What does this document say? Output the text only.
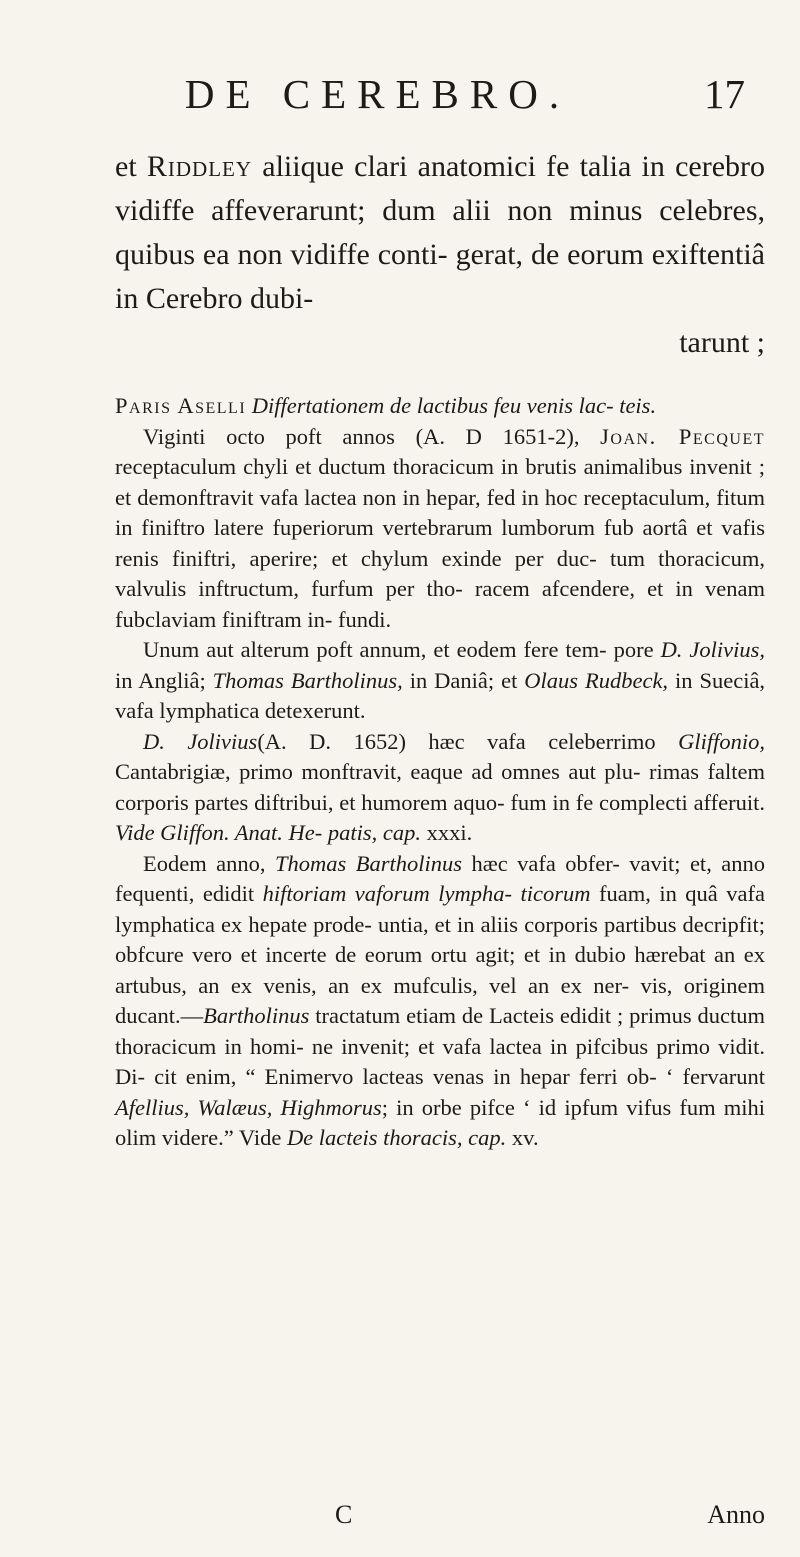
DE CEREBRO.	17

et Riddley aliique clari anatomici fe talia in cerebro vidiffe affeverarunt; dum alii non minus celebres, quibus ea non vidiffe conti- gerat, de eorum exiftentiâ in Cerebro dubi-

tarunt ;

Paris Aselli Differtationem de lactibus feu venis lac- teis.

Viginti octo poft annos (A. D 1651-2), Joan. Pecquet receptaculum chyli et ductum thoracicum in brutis animalibus invenit ; et demonftravit vafa lactea non in hepar, fed in hoc receptaculum, fitum in finiftro latere fuperiorum vertebrarum lumborum fub aortâ et vafis renis finiftri, aperire; et chylum exinde per duc- tum thoracicum, valvulis inftructum, furfum per tho- racem afcendere, et in venam fubclaviam finiftram in- fundi.

Unum aut alterum poft annum, et eodem fere tem- pore D. Jolivius, in Angliâ; Thomas Bartholinus, in Daniâ; et Olaus Rudbeck, in Sueciâ, vafa lymphatica detexerunt.

D. Jolivius(A. D. 1652) hæc vafa celeberrimo Gliffonio, Cantabrigiæ, primo monftravit, eaque ad omnes aut plu- rimas faltem corporis partes diftribui, et humorem aquo- fum in fe complecti afferuit. Vide Gliffon. Anat. He- patis, cap. xxxi.

Eodem anno, Thomas Bartholinus hæc vafa obfer- vavit; et, anno fequenti, edidit hiftoriam vaforum lympha- ticorum fuam, in quâ vafa lymphatica ex hepate prode- untia, et in aliis corporis partibus decripfit; obfcure vero et incerte de eorum ortu agit; et in dubio hærebat an ex artubus, an ex venis, an ex mufculis, vel an ex ner- vis, originem ducant.—Bartholinus tractatum etiam de Lacteis edidit ; primus ductum thoracicum in homi- ne invenit; et vafa lactea in pifcibus primo vidit. Di- cit enim, “ Enimervo lacteas venas in hepar ferri ob- ‘ fervarunt Afellius, Walæus, Highmorus; in orbe pifce ‘ id ipfum vifus fum mihi olim videre.” Vide De lacteis thoracis, cap. xv.

C	Anno
